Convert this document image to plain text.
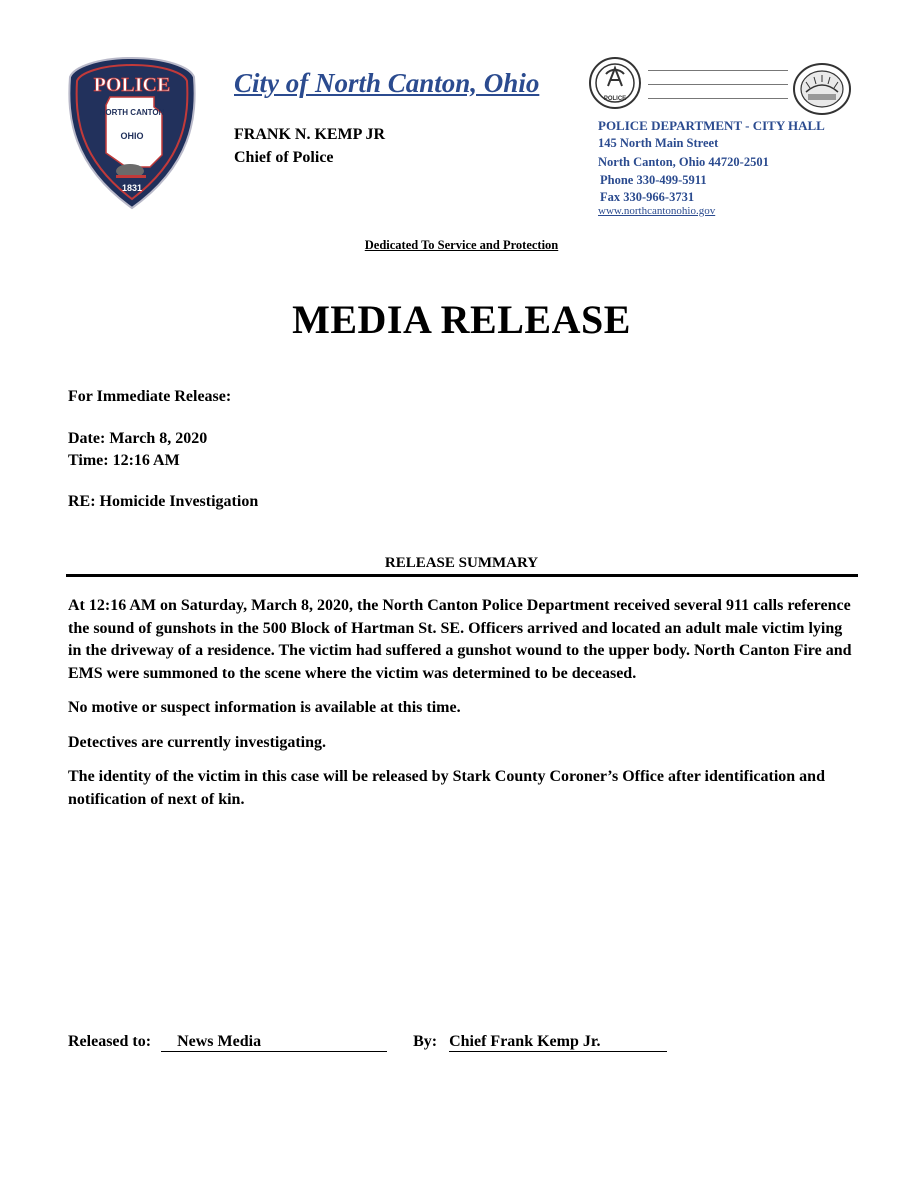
POLICE
NORTH CANTON
OHIO
1831
City of North Canton, Ohio
FRANK N. KEMP JR
Chief of Police
POLICE
POLICE DEPARTMENT - CITY HALL
145 North Main Street
North Canton, Ohio 44720-2501
Phone 330-499-5911
Fax 330-966-3731
www.northcantonohio.gov
Dedicated To Service and Protection
MEDIA RELEASE
For Immediate Release:
Date: March 8, 2020
Time: 12:16 AM
RE: Homicide Investigation
RELEASE SUMMARY

At 12:16 AM on Saturday, March 8, 2020, the North Canton Police Department received several 911 calls reference the sound of gunshots in the 500 Block of Hartman St. SE. Officers arrived and located an adult male victim lying in the driveway of a residence. The victim had suffered a gunshot wound to the upper body. North Canton Fire and EMS were summoned to the scene where the victim was determined to be deceased.

No motive or suspect information is available at this time.

Detectives are currently investigating.

The identity of the victim in this case will be released by Stark County Coroner’s Office after identification and notification of next of kin.

Released to: News Media	By: Chief Frank Kemp Jr.
